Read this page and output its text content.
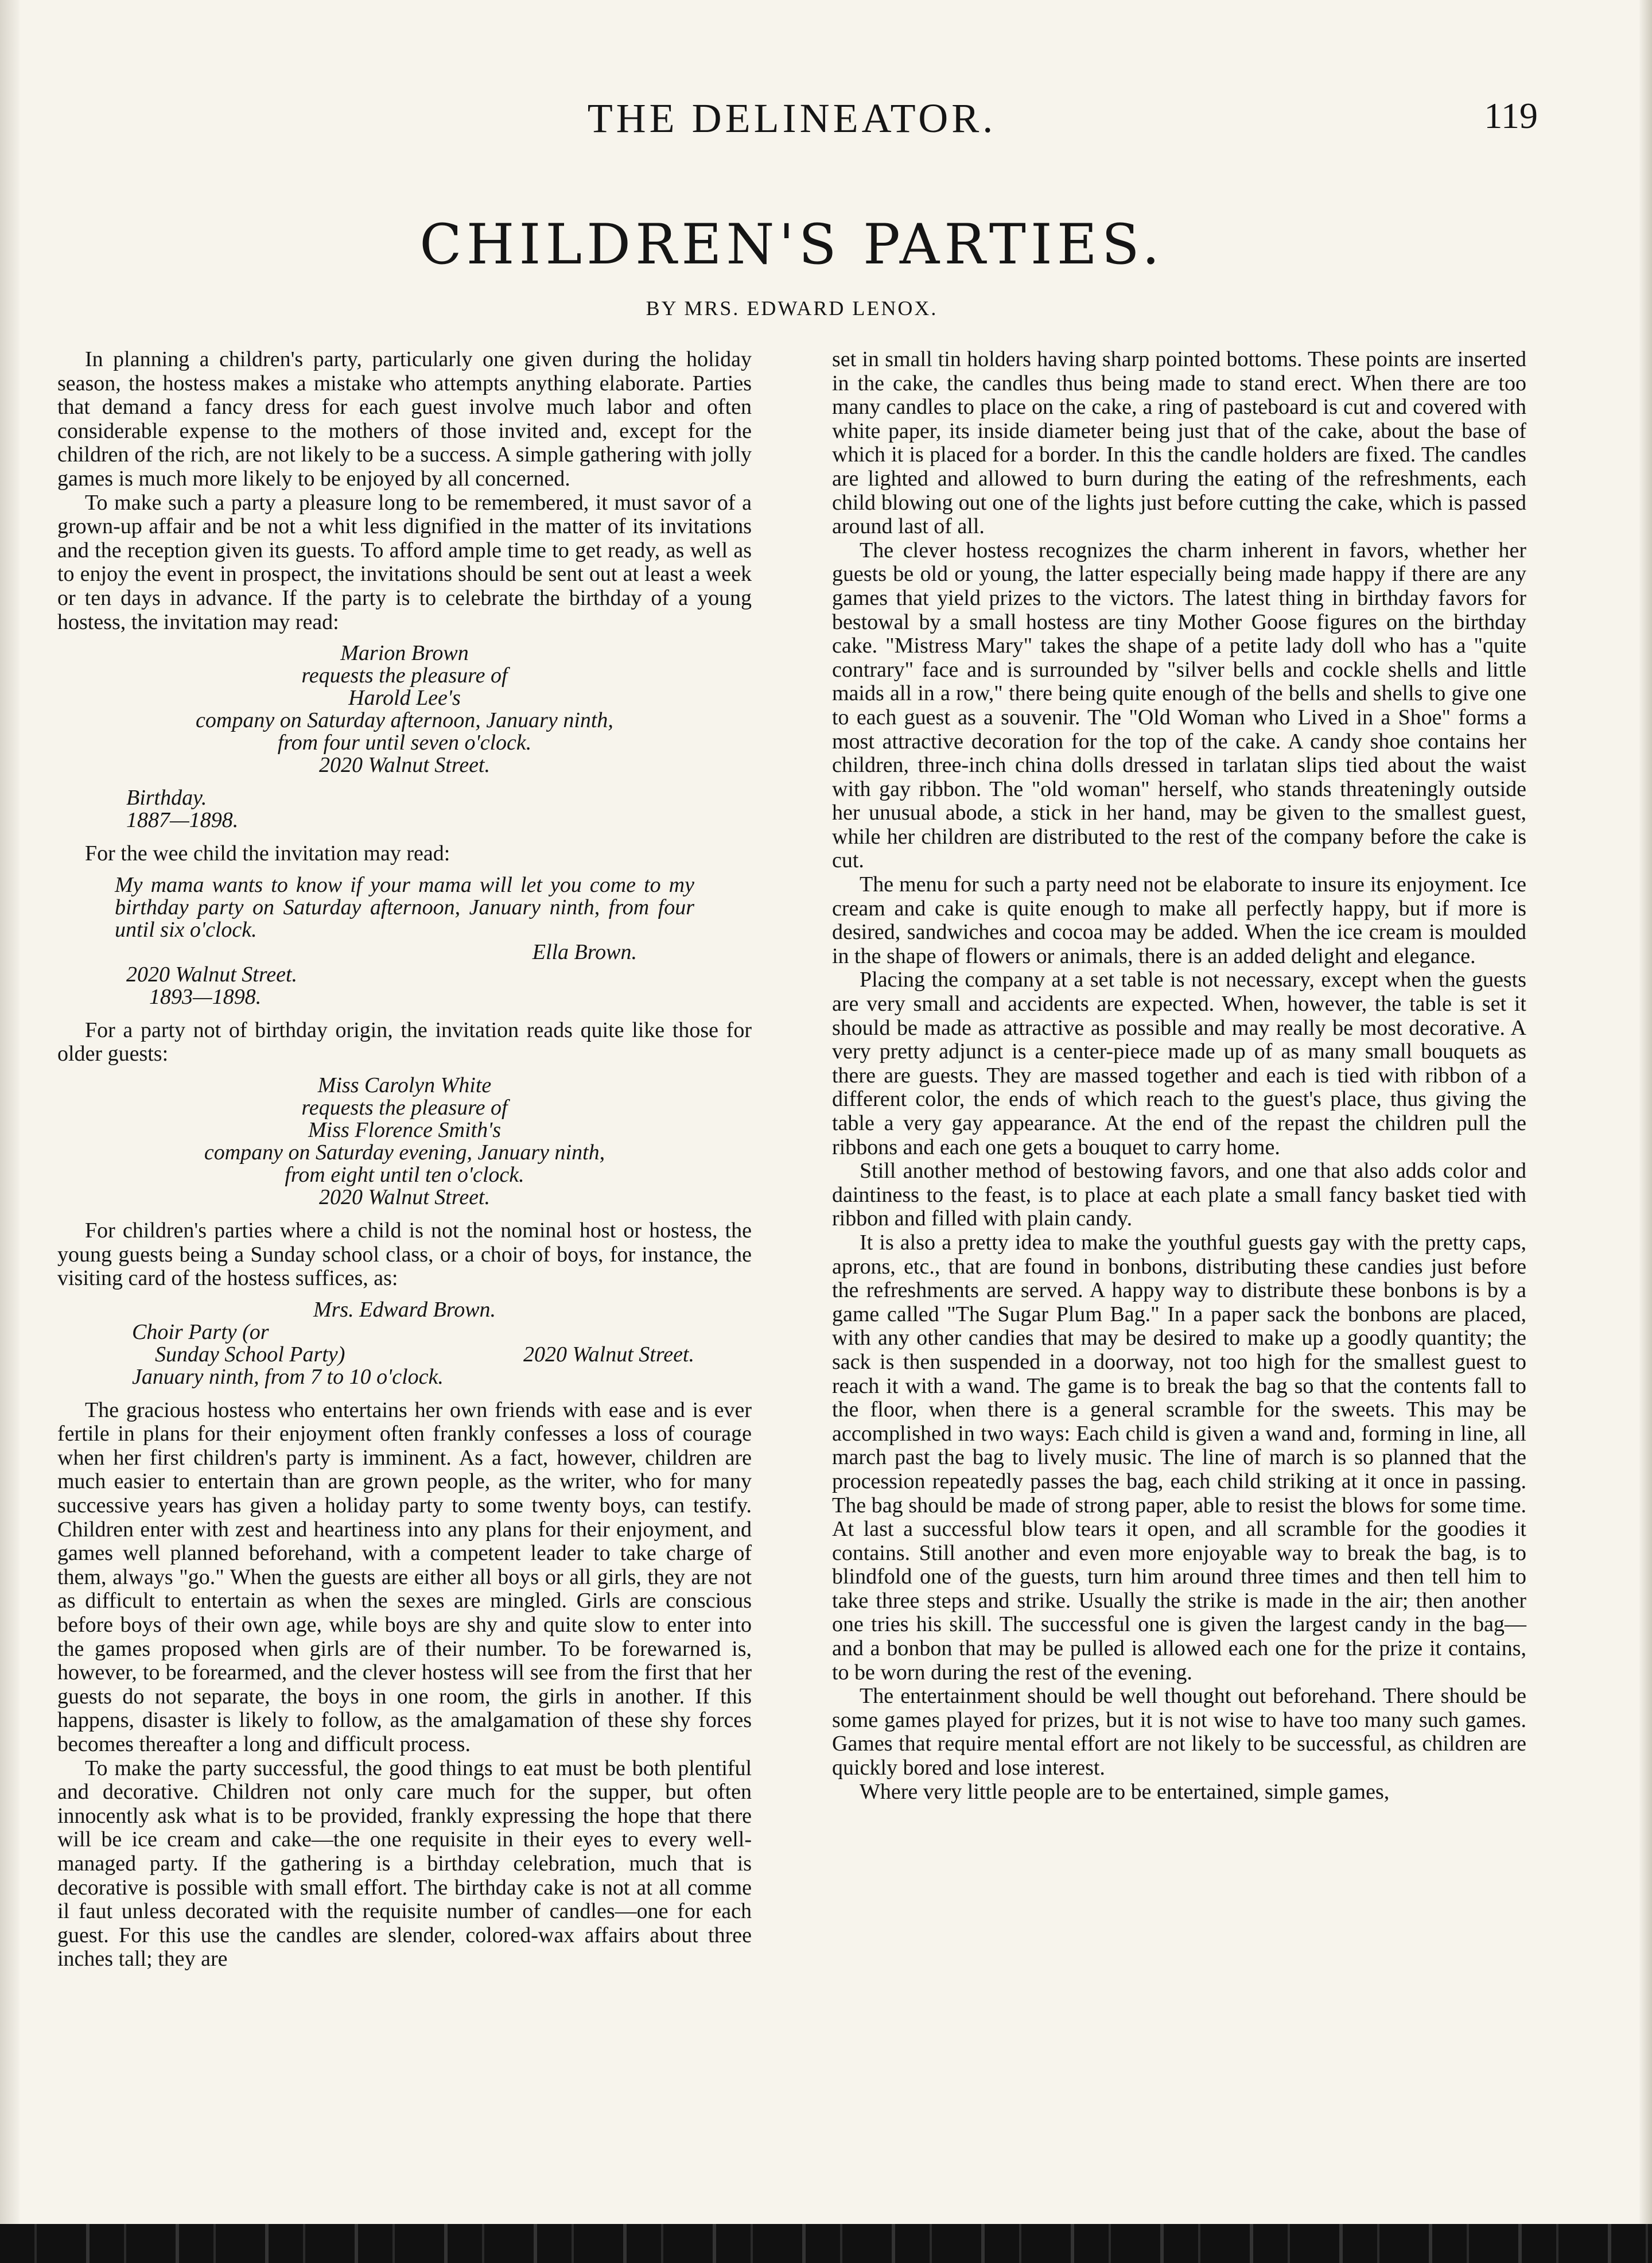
THE DELINEATOR.	119
CHILDREN'S PARTIES.
BY MRS. EDWARD LENOX.

In planning a children's party, particularly one given during the holiday season, the hostess makes a mistake who attempts anything elaborate. Parties that demand a fancy dress for each guest involve much labor and often considerable expense to the mothers of those invited and, except for the children of the rich, are not likely to be a success. A simple gathering with jolly games is much more likely to be enjoyed by all concerned.

To make such a party a pleasure long to be remembered, it must savor of a grown-up affair and be not a whit less dignified in the matter of its invitations and the reception given its guests. To afford ample time to get ready, as well as to enjoy the event in prospect, the invitations should be sent out at least a week or ten days in advance. If the party is to celebrate the birthday of a young hostess, the invitation may read:

Marion Brown
requests the pleasure of
Harold Lee's
company on Saturday afternoon, January ninth,
from four until seven o'clock.
2020 Walnut Street.
Birthday.
1887—1898.

For the wee child the invitation may read:

My mama wants to know if your mama will let you come to my birthday party on Saturday afternoon, January ninth, from four until six o'clock.
Ella Brown.
2020 Walnut Street.
1893—1898.

For a party not of birthday origin, the invitation reads quite like those for older guests:

Miss Carolyn White
requests the pleasure of
Miss Florence Smith's
company on Saturday evening, January ninth,
from eight until ten o'clock.
2020 Walnut Street.

For children's parties where a child is not the nominal host or hostess, the young guests being a Sunday school class, or a choir of boys, for instance, the visiting card of the hostess suffices, as:

Mrs. Edward Brown.
Choir Party (or
Sunday School Party)	2020 Walnut Street.
January ninth, from 7 to 10 o'clock.

The gracious hostess who entertains her own friends with ease and is ever fertile in plans for their enjoyment often frankly confesses a loss of courage when her first children's party is imminent. As a fact, however, children are much easier to entertain than are grown people, as the writer, who for many successive years has given a holiday party to some twenty boys, can testify. Children enter with zest and heartiness into any plans for their enjoyment, and games well planned beforehand, with a competent leader to take charge of them, always "go." When the guests are either all boys or all girls, they are not as difficult to entertain as when the sexes are mingled. Girls are conscious before boys of their own age, while boys are shy and quite slow to enter into the games proposed when girls are of their number. To be forewarned is, however, to be forearmed, and the clever hostess will see from the first that her guests do not separate, the boys in one room, the girls in another. If this happens, disaster is likely to follow, as the amalgamation of these shy forces becomes thereafter a long and difficult process.

To make the party successful, the good things to eat must be both plentiful and decorative. Children not only care much for the supper, but often innocently ask what is to be provided, frankly expressing the hope that there will be ice cream and cake—the one requisite in their eyes to every well-managed party. If the gathering is a birthday celebration, much that is decorative is possible with small effort. The birthday cake is not at all comme il faut unless decorated with the requisite number of candles—one for each guest. For this use the candles are slender, colored-wax affairs about three inches tall; they are

set in small tin holders having sharp pointed bottoms. These points are inserted in the cake, the candles thus being made to stand erect. When there are too many candles to place on the cake, a ring of pasteboard is cut and covered with white paper, its inside diameter being just that of the cake, about the base of which it is placed for a border. In this the candle holders are fixed. The candles are lighted and allowed to burn during the eating of the refreshments, each child blowing out one of the lights just before cutting the cake, which is passed around last of all.

The clever hostess recognizes the charm inherent in favors, whether her guests be old or young, the latter especially being made happy if there are any games that yield prizes to the victors. The latest thing in birthday favors for bestowal by a small hostess are tiny Mother Goose figures on the birthday cake. "Mistress Mary" takes the shape of a petite lady doll who has a "quite contrary" face and is surrounded by "silver bells and cockle shells and little maids all in a row," there being quite enough of the bells and shells to give one to each guest as a souvenir. The "Old Woman who Lived in a Shoe" forms a most attractive decoration for the top of the cake. A candy shoe contains her children, three-inch china dolls dressed in tarlatan slips tied about the waist with gay ribbon. The "old woman" herself, who stands threateningly outside her unusual abode, a stick in her hand, may be given to the smallest guest, while her children are distributed to the rest of the company before the cake is cut.

The menu for such a party need not be elaborate to insure its enjoyment. Ice cream and cake is quite enough to make all perfectly happy, but if more is desired, sandwiches and cocoa may be added. When the ice cream is moulded in the shape of flowers or animals, there is an added delight and elegance.

Placing the company at a set table is not necessary, except when the guests are very small and accidents are expected. When, however, the table is set it should be made as attractive as possible and may really be most decorative. A very pretty adjunct is a center-piece made up of as many small bouquets as there are guests. They are massed together and each is tied with ribbon of a different color, the ends of which reach to the guest's place, thus giving the table a very gay appearance. At the end of the repast the children pull the ribbons and each one gets a bouquet to carry home.

Still another method of bestowing favors, and one that also adds color and daintiness to the feast, is to place at each plate a small fancy basket tied with ribbon and filled with plain candy.

It is also a pretty idea to make the youthful guests gay with the pretty caps, aprons, etc., that are found in bonbons, distributing these candies just before the refreshments are served. A happy way to distribute these bonbons is by a game called "The Sugar Plum Bag." In a paper sack the bonbons are placed, with any other candies that may be desired to make up a goodly quantity; the sack is then suspended in a doorway, not too high for the smallest guest to reach it with a wand. The game is to break the bag so that the contents fall to the floor, when there is a general scramble for the sweets. This may be accomplished in two ways: Each child is given a wand and, forming in line, all march past the bag to lively music. The line of march is so planned that the procession repeatedly passes the bag, each child striking at it once in passing. The bag should be made of strong paper, able to resist the blows for some time. At last a successful blow tears it open, and all scramble for the goodies it contains. Still another and even more enjoyable way to break the bag, is to blindfold one of the guests, turn him around three times and then tell him to take three steps and strike. Usually the strike is made in the air; then another one tries his skill. The successful one is given the largest candy in the bag—and a bonbon that may be pulled is allowed each one for the prize it contains, to be worn during the rest of the evening.

The entertainment should be well thought out beforehand. There should be some games played for prizes, but it is not wise to have too many such games. Games that require mental effort are not likely to be successful, as children are quickly bored and lose interest.

Where very little people are to be entertained, simple games,
